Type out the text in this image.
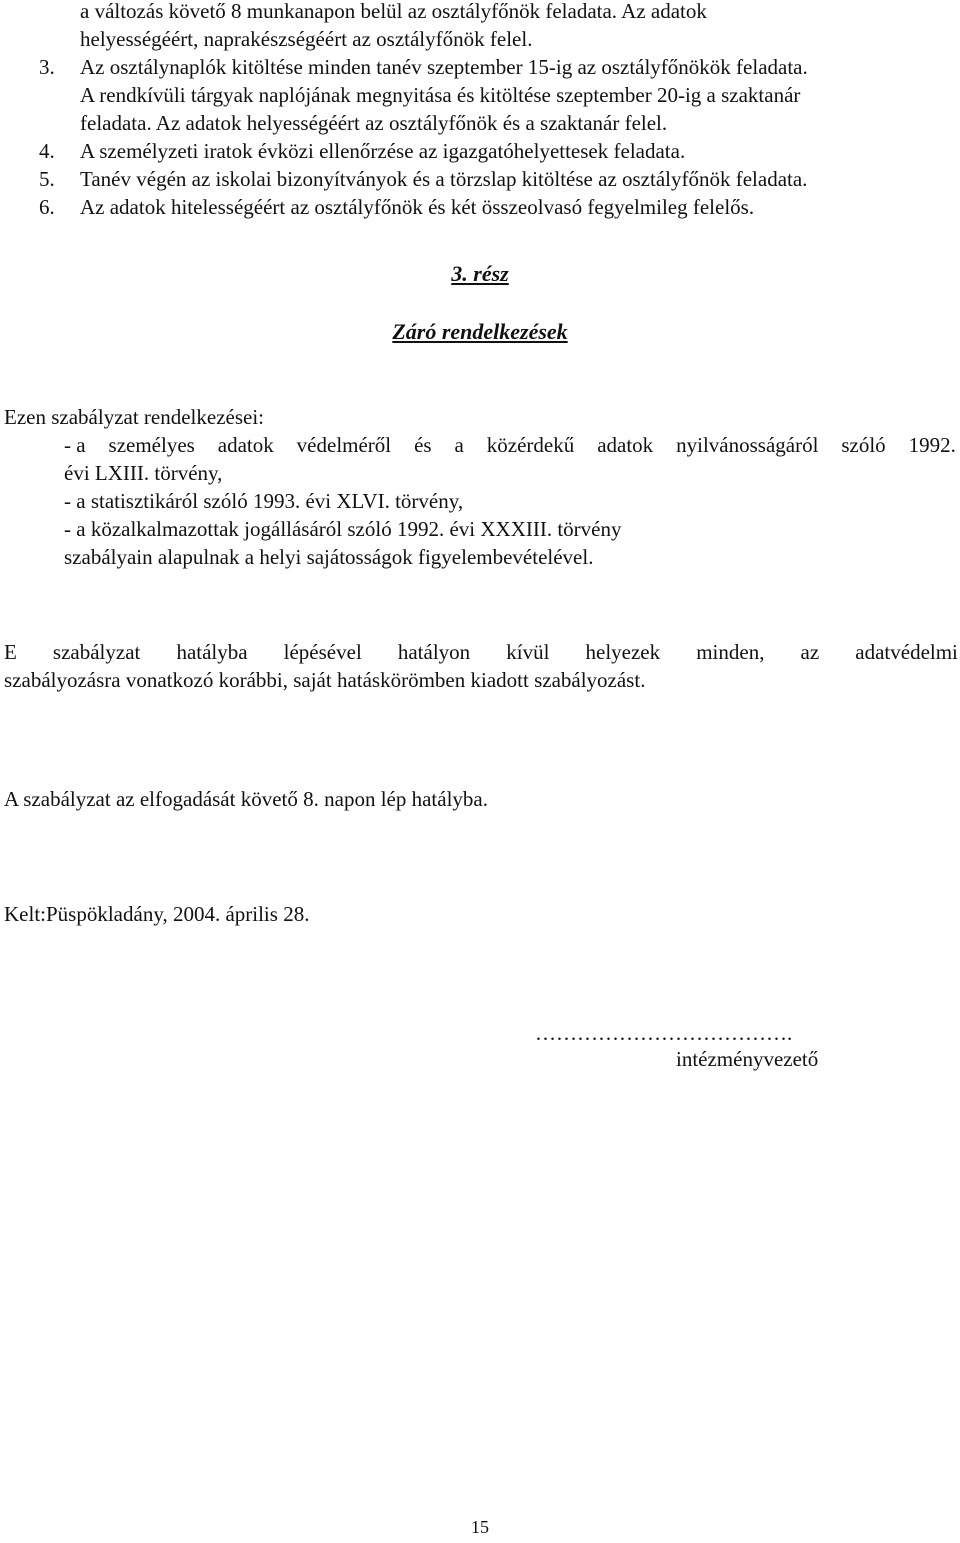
a változás követő 8 munkanapon belül az osztályfőnök feladata. Az adatok
helyességéért, naprakészségéért az osztályfőnök felel.
3. Az osztálynaplók kitöltése minden tanév szeptember 15-ig az osztályfőnökök feladata.
A rendkívüli tárgyak naplójának megnyitása és kitöltése szeptember 20-ig a szaktanár
feladata. Az adatok helyességéért az osztályfőnök és a szaktanár felel.
4. A személyzeti iratok évközi ellenőrzése az igazgatóhelyettesek feladata.
5. Tanév végén az iskolai bizonyítványok és a törzslap kitöltése az osztályfőnök feladata.
6. Az adatok hitelességéért az osztályfőnök és két összeolvasó fegyelmileg felelős.
3. rész
Záró rendelkezések
Ezen szabályzat rendelkezései:
- a személyes adatok védelméről és a közérdekű adatok nyilvánosságáról szóló 1992.
évi LXIII. törvény,
- a statisztikáról szóló 1993. évi XLVI. törvény,
- a közalkalmazottak jogállásáról szóló 1992. évi XXXIII. törvény
szabályain alapulnak a helyi sajátosságok figyelembevételével.
E szabályzat hatályba lépésével hatályon kívül helyezek minden, az adatvédelmi
szabályozásra vonatkozó korábbi, saját hatáskörömben kiadott szabályozást.
A szabályzat az elfogadását követő 8. napon lép hatályba.
Kelt:Püspökladány, 2004. április 28.
……………………………….
intézményvezető
15
